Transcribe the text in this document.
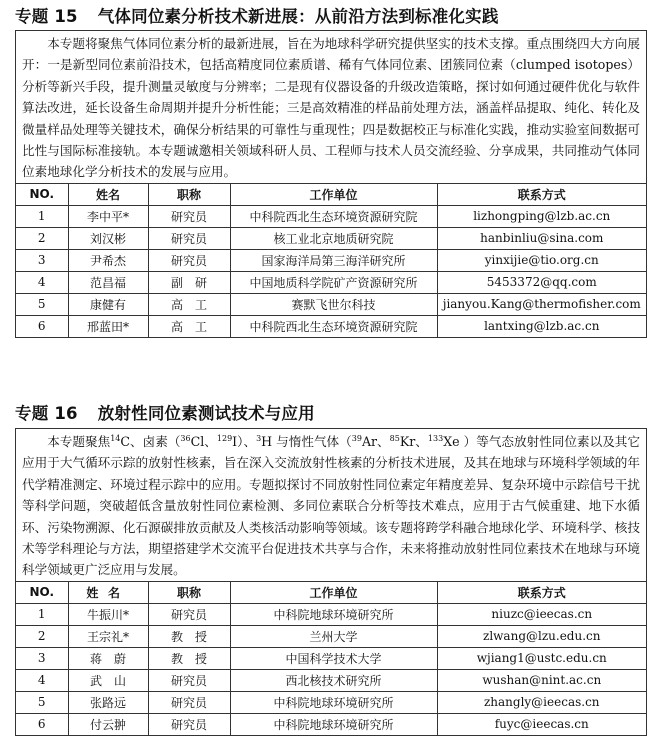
专题 15 气体同位素分析技术新进展：从前沿方法到标准化实践
本专题将聚焦气体同位素分析的最新进展，旨在为地球科学研究提供坚实的技术支撑。重点围绕四大方向展开：一是新型同位素前沿技术，包括高精度同位素质谱、稀有气体同位素、团簇同位素（clumped isotopes）分析等新兴手段，提升测量灵敏度与分辨率；二是现有仪器设备的升级改造策略，探讨如何通过硬件优化与软件算法改进，延长设备生命周期并提升分析性能；三是高效精准的样品前处理方法，涵盖样品提取、纯化、转化及微量样品处理等关键技术，确保分析结果的可靠性与重现性；四是数据校正与标准化实践，推动实验室间数据可比性与国际标准接轨。本专题诚邀相关领域科研人员、工程师与技术人员交流经验、分享成果，共同推动气体同位素地球化学分析技术的发展与应用。
NO.	姓名	职称	工作单位	联系方式
1	李中平*	研究员	中科院西北生态环境资源研究院	lizhongping@lzb.ac.cn
2	刘汉彬	研究员	核工业北京地质研究院	hanbinliu@sina.com
3	尹希杰	研究员	国家海洋局第三海洋研究所	yinxijie@tio.org.cn
4	范昌福	副　研	中国地质科学院矿产资源研究所	5453372@qq.com
5	康健有	高　工	赛默飞世尔科技	jianyou.Kang@thermofisher.com
6	邢蓝田*	高　工	中科院西北生态环境资源研究院	lantxing@lzb.ac.cn
专题 16 放射性同位素测试技术与应用
本专题聚焦$^{14}$C、卤素（$^{36}$Cl、$^{129}$I）、$^3$H 与惰性气体（$^{39}$Ar、$^{85}$Kr、$^{133}$Xe ）等气态放射性同位素以及其它应用于大气循环示踪的放射性核素，旨在深入交流放射性核素的分析技术进展，及其在地球与环境科学领域的年代学精准测定、环境过程示踪中的应用。专题拟探讨不同放射性同位素定年精度差异、复杂环境中示踪信号干扰等科学问题，突破超低含量放射性同位素检测、多同位素联合分析等技术难点，应用于古气候重建、地下水循环、污染物溯源、化石源碳排放贡献及人类核活动影响等领域。该专题将跨学科融合地球化学、环境科学、核技术等学科理论与方法，期望搭建学术交流平台促进技术共享与合作，未来将推动放射性同位素技术在地球与环境科学领域更广泛应用与发展。
NO.	姓名	职称	工作单位	联系方式
1	牛振川*	研究员	中科院地球环境研究所	niuzc@ieecas.cn
2	王宗礼*	教　授	兰州大学	zlwang@lzu.edu.cn
3	蒋　蔚	教　授	中国科学技术大学	wjiang1@ustc.edu.cn
4	武　山	研究员	西北核技术研究所	wushan@nint.ac.cn
5	张路远	研究员	中科院地球环境研究所	zhangly@ieecas.cn
6	付云翀	研究员	中科院地球环境研究所	fuyc@ieecas.cn
